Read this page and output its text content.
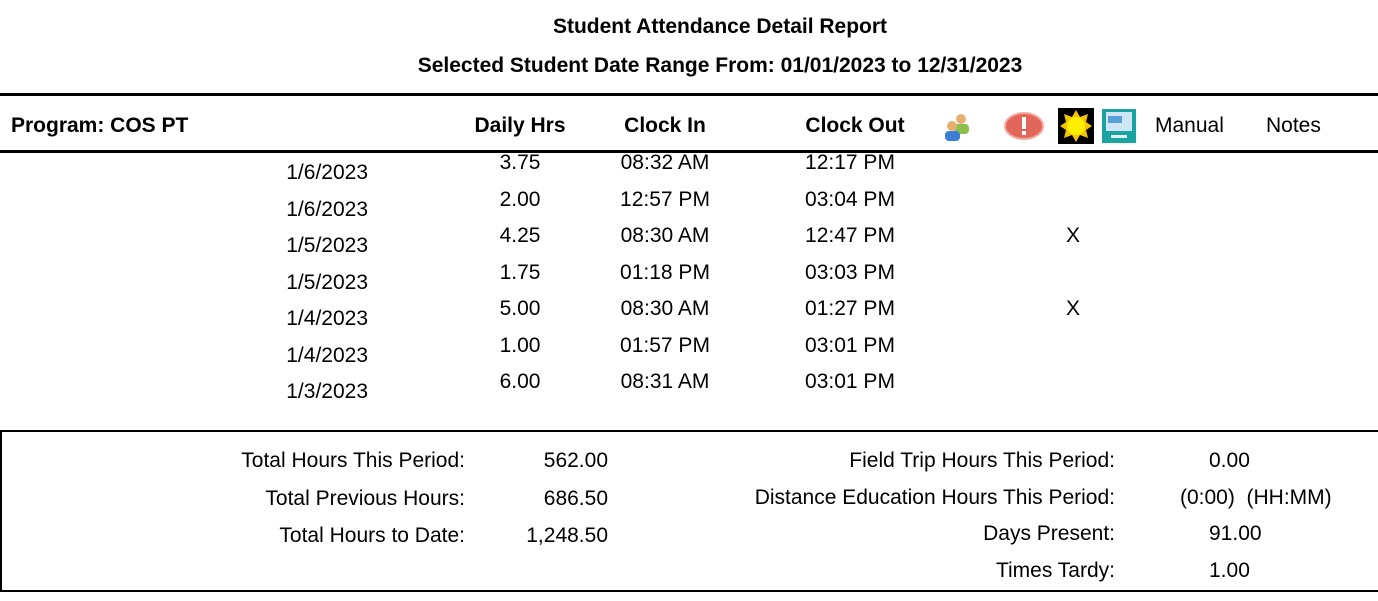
Student Attendance Detail Report
Selected Student Date Range From: 01/01/2023 to 12/31/2023
Program: COS PT	Daily Hrs	Clock In	Clock Out	Manual Notes
1/6/2023	3.75	08:32 AM	12:17 PM
1/6/2023	2.00	12:57 PM	03:04 PM
1/5/2023	4.25	08:30 AM	12:47 PM	X
1/5/2023	1.75	01:18 PM	03:03 PM
1/4/2023	5.00	08:30 AM	01:27 PM	X
1/4/2023	1.00	01:57 PM	03:01 PM
1/3/2023	6.00	08:31 AM	03:01 PM
Total Hours This Period:	562.00
Total Previous Hours:	686.50
Total Hours to Date:	1,248.50
Field Trip Hours This Period:	0.00
Distance Education Hours This Period:	(0:00)  (HH:MM)
Days Present:	91.00
Times Tardy:	1.00
